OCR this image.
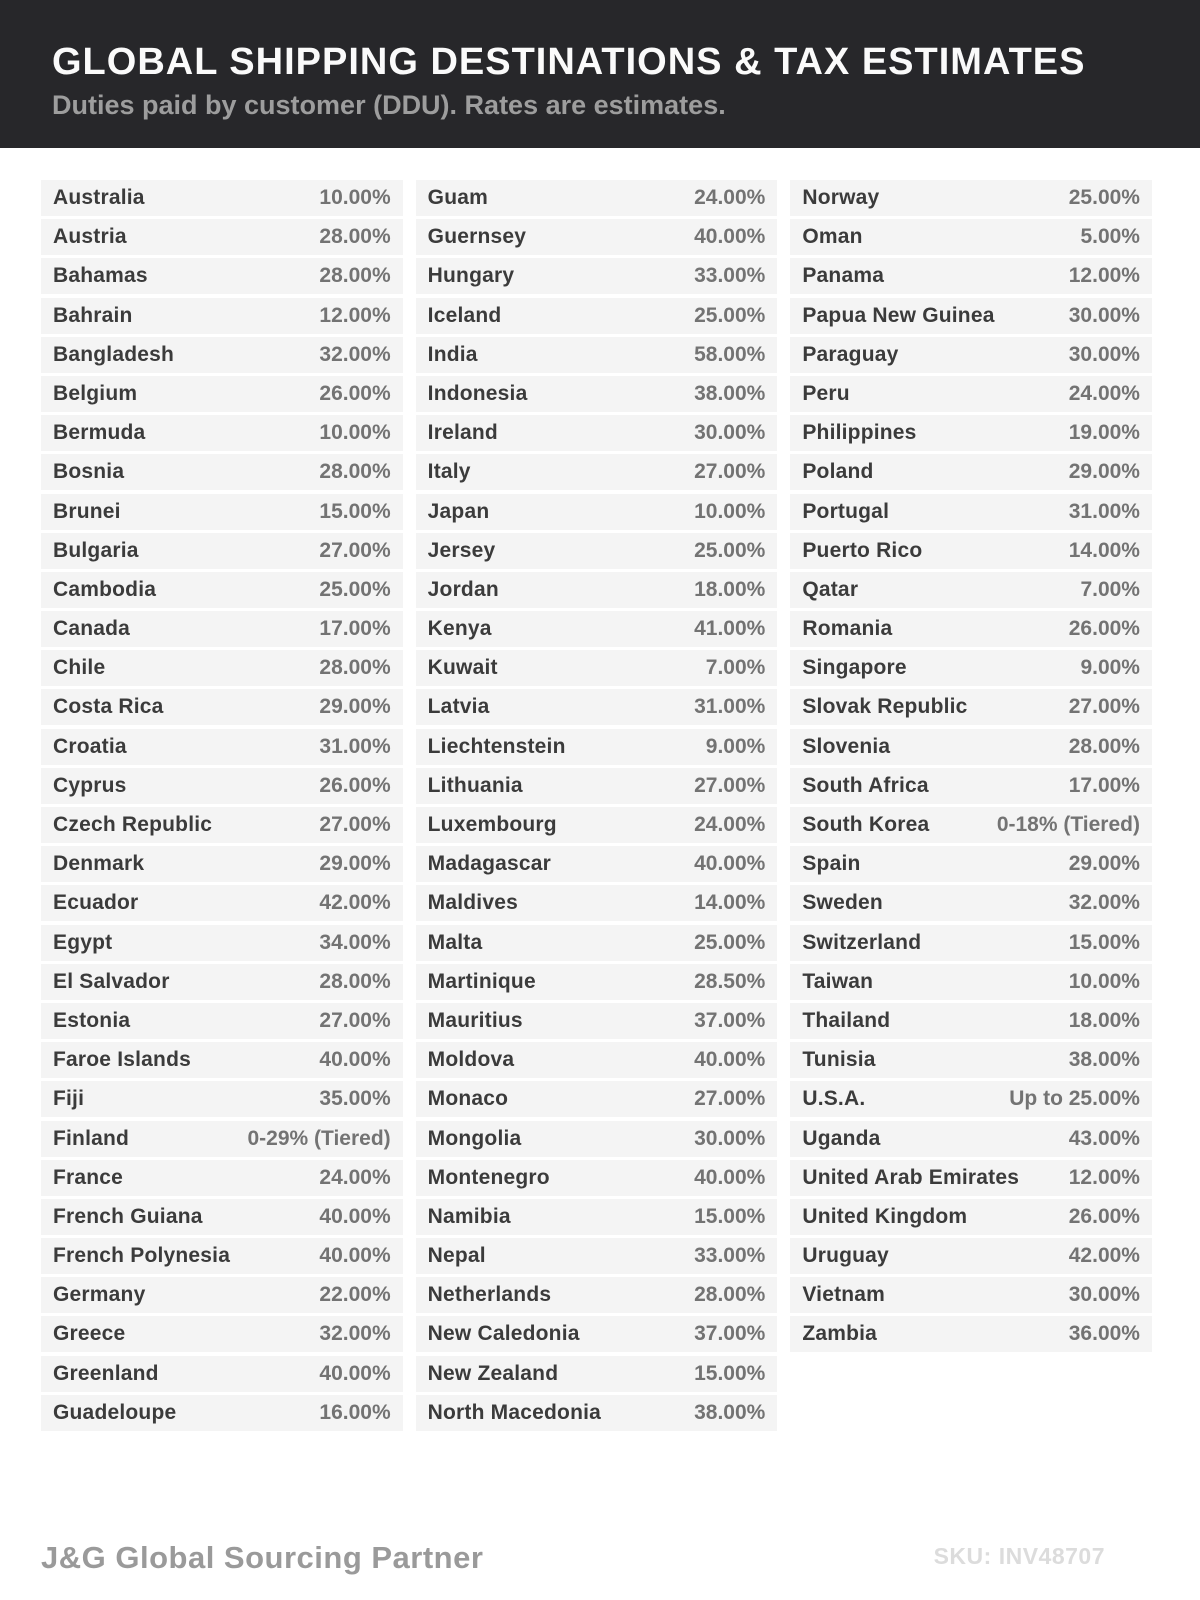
GLOBAL SHIPPING DESTINATIONS & TAX ESTIMATES

Duties paid by customer (DDU). Rates are estimates.

Australia	10.00%
Austria	28.00%
Bahamas	28.00%
Bahrain	12.00%
Bangladesh	32.00%
Belgium	26.00%
Bermuda	10.00%
Bosnia	28.00%
Brunei	15.00%
Bulgaria	27.00%
Cambodia	25.00%
Canada	17.00%
Chile	28.00%
Costa Rica	29.00%
Croatia	31.00%
Cyprus	26.00%
Czech Republic	27.00%
Denmark	29.00%
Ecuador	42.00%
Egypt	34.00%
El Salvador	28.00%
Estonia	27.00%
Faroe Islands	40.00%
Fiji	35.00%
Finland	0-29% (Tiered)
France	24.00%
French Guiana	40.00%
French Polynesia	40.00%
Germany	22.00%
Greece	32.00%
Greenland	40.00%
Guadeloupe	16.00%
Guam	24.00%
Guernsey	40.00%
Hungary	33.00%
Iceland	25.00%
India	58.00%
Indonesia	38.00%
Ireland	30.00%
Italy	27.00%
Japan	10.00%
Jersey	25.00%
Jordan	18.00%
Kenya	41.00%
Kuwait	7.00%
Latvia	31.00%
Liechtenstein	9.00%
Lithuania	27.00%
Luxembourg	24.00%
Madagascar	40.00%
Maldives	14.00%
Malta	25.00%
Martinique	28.50%
Mauritius	37.00%
Moldova	40.00%
Monaco	27.00%
Mongolia	30.00%
Montenegro	40.00%
Namibia	15.00%
Nepal	33.00%
Netherlands	28.00%
New Caledonia	37.00%
New Zealand	15.00%
North Macedonia	38.00%
Norway	25.00%
Oman	5.00%
Panama	12.00%
Papua New Guinea	30.00%
Paraguay	30.00%
Peru	24.00%
Philippines	19.00%
Poland	29.00%
Portugal	31.00%
Puerto Rico	14.00%
Qatar	7.00%
Romania	26.00%
Singapore	9.00%
Slovak Republic	27.00%
Slovenia	28.00%
South Africa	17.00%
South Korea	0-18% (Tiered)
Spain	29.00%
Sweden	32.00%
Switzerland	15.00%
Taiwan	10.00%
Thailand	18.00%
Tunisia	38.00%
U.S.A.	Up to 25.00%
Uganda	43.00%
United Arab Emirates 12.00%
United Kingdom	26.00%
Uruguay	42.00%
Vietnam	30.00%
Zambia	36.00%
J&G Global Sourcing Partner	SKU: INV48707
